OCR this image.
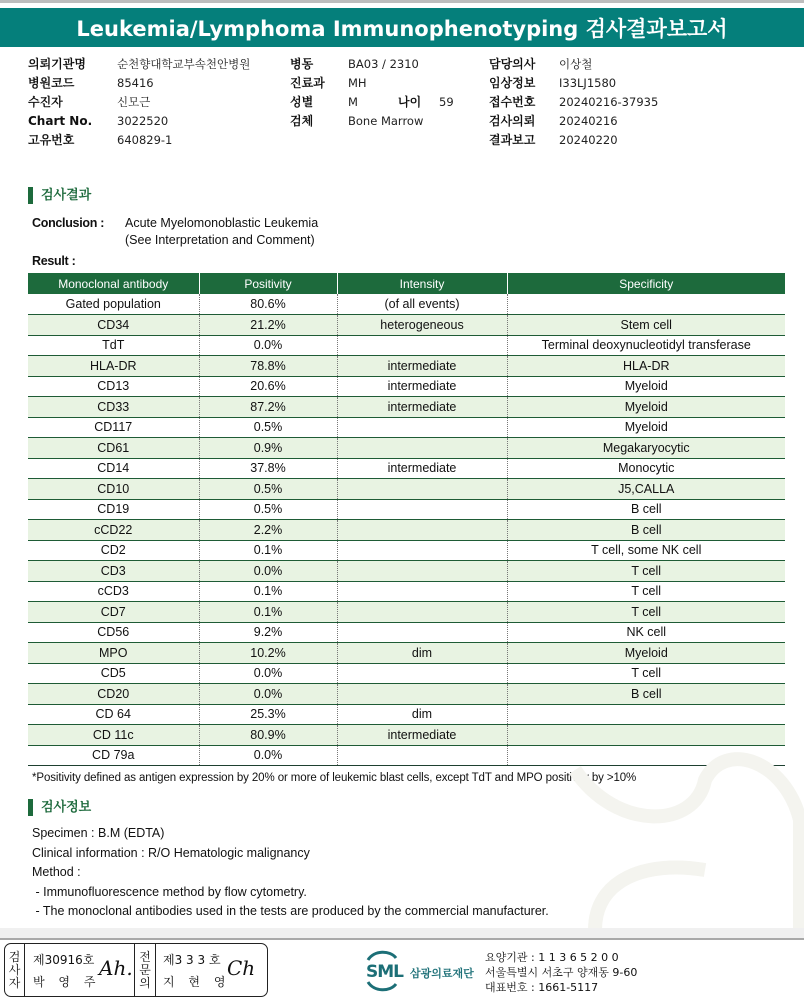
Leukemia/Lymphoma Immunophenotyping 검사결과보고서
의뢰기관명	순천향대학교부속천안병원
병원코드	85416
수진자	신모근
Chart No. 3022520
고유번호	640829-1
병동	BA03 / 2310
진료과 MH
성별	M	나이 59
검체	Bone Marrow
담당의사 이상철
임상정보 I33LJ1580
접수번호 20240216-37935
검사의뢰 20240216
결과보고 20240220
검사결과
Conclusion : Acute Myelomonoblastic Leukemia
(See Interpretation and Comment)
Result :
Monoclonal antibody	Positivity	Intensity	Specificity
Gated population	80.6%	(of all events)	
CD34	21.2%	heterogeneous	Stem cell
TdT	0.0%		Terminal deoxynucleotidyl transferase
HLA-DR	78.8%	intermediate	HLA-DR
CD13	20.6%	intermediate	Myeloid
CD33	87.2%	intermediate	Myeloid
CD117	0.5%		Myeloid
CD61	0.9%		Megakaryocytic
CD14	37.8%	intermediate	Monocytic
CD10	0.5%		J5,CALLA
CD19	0.5%		B cell
cCD22	2.2%		B cell
CD2	0.1%		T cell, some NK cell
CD3	0.0%		T cell
cCD3	0.1%		T cell
CD7	0.1%		T cell
CD56	9.2%		NK cell
MPO	10.2%	dim	Myeloid
CD5	0.0%		T cell
CD20	0.0%		B cell
CD 64	25.3%	dim	
CD 11c	80.9%	intermediate	
CD 79a	0.0%		
*Positivity defined as antigen expression by 20% or more of leukemic blast cells, except TdT and MPO positivity by >10%
검사정보
Specimen : B.M (EDTA)
Clinical information : R/O Hematologic malignancy
Method :
- Immunofluorescence method by flow cytometry.
- The monoclonal antibodies used in the tests are produced by the commercial manufacturer.
검
사
자
제30916호
박 영 주
Ah. 전
문
의
제3 3 3 호
지 현 영
Ch	SML 삼광의료재단
요양기관 : 1 1 3 6 5 2 0 0
서울특별시 서초구 양재동 9-60
대표번호 : 1661-5117
